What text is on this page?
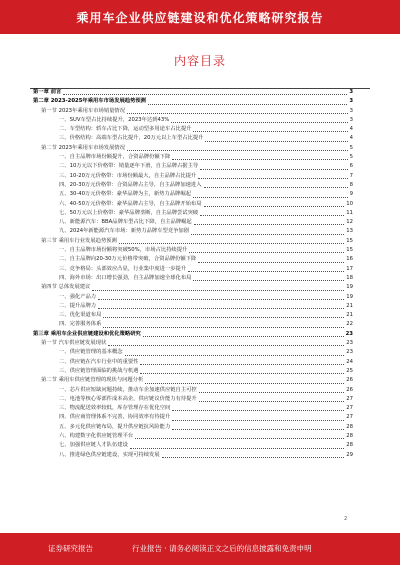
乘用车企业供应链建设和优化策略研究报告
内容目录
第一章 前言	3
第二章 2023-2025年乘用车市场发展趋势预测	3
第一节 2023年乘用车市场销量情况	3
一、SUV车型占比持续提升，2023年达到43%	3
二、车型结构：轿车占比下降，运动型多用途车占比提升	4
三、价格结构：高端车型占比提升，20万元以上车型占比提升	4
第二节 2023年乘用车市场发展情况	5
一、自主品牌市场份额提升，合资品牌份额下降	5
二、10万元以下价格带：销量逐年下滑，自主品牌占据主导	6
三、10-20万元价格带：市场份额最大，自主品牌占比提升	7
四、20-30万元价格带：合资品牌占主导，自主品牌加速进入	8
五、30-40万元价格带：豪华品牌为主，新势力品牌崛起	9
六、40-50万元价格带：豪华品牌占主导，自主品牌开始布局	10
七、50万元以上价格带：豪华品牌垄断，自主品牌尝试突破	11
八、新能源汽车：BBA品牌车型占比下降，自主品牌崛起	12
九、2024年新能源汽车市场：新势力品牌车型竞争加剧	13
第三节 乘用车行业发展趋势预测	15
一、自主品牌市场份额将突破50%，市场占比持续提升	15
二、自主品牌向20-30万元价格带突破，合资品牌份额下降	16
三、竞争格局：头部效应凸显，行业集中度进一步提升	17
四、海外市场：出口增长强劲，自主品牌加速全球化布局	18
第四节 总体发展建议	19
一、强化产品力	19
二、提升品牌力	21
三、优化渠道布局	21
四、完善服务体系	22
第三章 乘用车企业供应链建设和优化策略研究	23
第一节 汽车供应链发展现状	23
一、供应链管理的基本概念	23
二、供应链在汽车行业中的重要性	24
三、供应链管理面临的挑战与机遇	25
第二节 乘用车供应链管理的现状与问题分析	26
一、芯片供应短缺问题持续，推动车企加速供应链自主可控	26
二、电池等核心零部件成本高企，供应链议价能力有待提升	27
三、物流配送效率较低，库存管理存在优化空间	27
四、供应商管理体系不完善，协同效率有待提升	27
五、多元化供应链布局，提升供应链抗风险能力	28
六、构建数字化供应链管理平台	28
七、加强供应链人才队伍建设	28
八、推进绿色供应链建设，实现可持续发展	29
2
证券研究报告	行业报告 · 请务必阅读正文之后的信息披露和免责申明
